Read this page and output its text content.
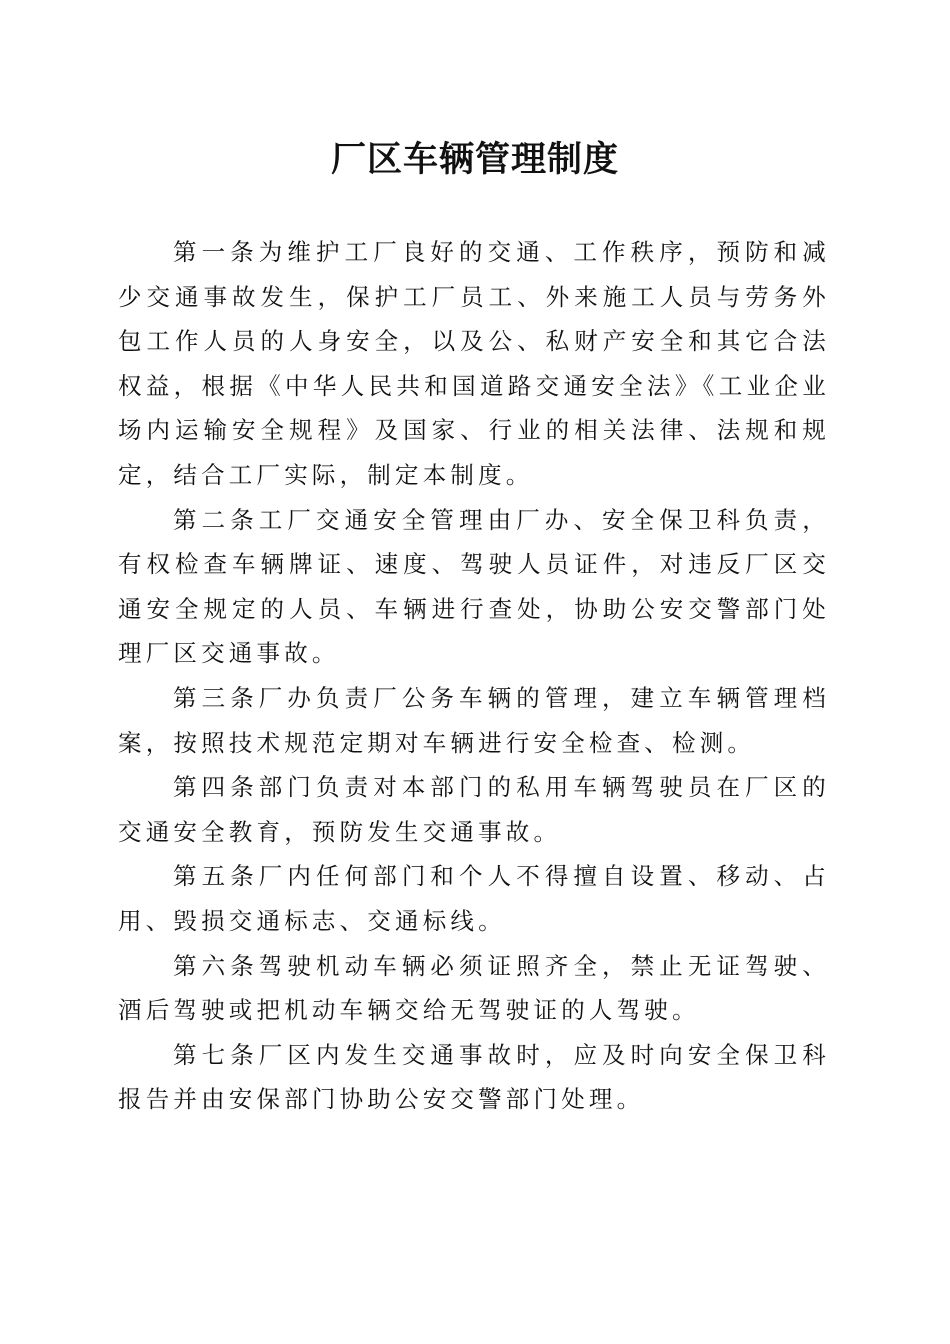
厂区车辆管理制度

第一条为维护工厂良好的交通、工作秩序，预防和减少交通事故发生，保护工厂员工、外来施工人员与劳务外包工作人员的人身安全，以及公、私财产安全和其它合法权益，根据《中华人民共和国道路交通安全法》《工业企业场内运输安全规程》及国家、行业的相关法律、法规和规定，结合工厂实际，制定本制度。

第二条工厂交通安全管理由厂办、安全保卫科负责，有权检查车辆牌证、速度、驾驶人员证件，对违反厂区交通安全规定的人员、车辆进行查处，协助公安交警部门处理厂区交通事故。

第三条厂办负责厂公务车辆的管理，建立车辆管理档案，按照技术规范定期对车辆进行安全检查、检测。

第四条部门负责对本部门的私用车辆驾驶员在厂区的交通安全教育，预防发生交通事故。

第五条厂内任何部门和个人不得擅自设置、移动、占用、毁损交通标志、交通标线。

第六条驾驶机动车辆必须证照齐全，禁止无证驾驶、酒后驾驶或把机动车辆交给无驾驶证的人驾驶。

第七条厂区内发生交通事故时，应及时向安全保卫科报告并由安保部门协助公安交警部门处理。
